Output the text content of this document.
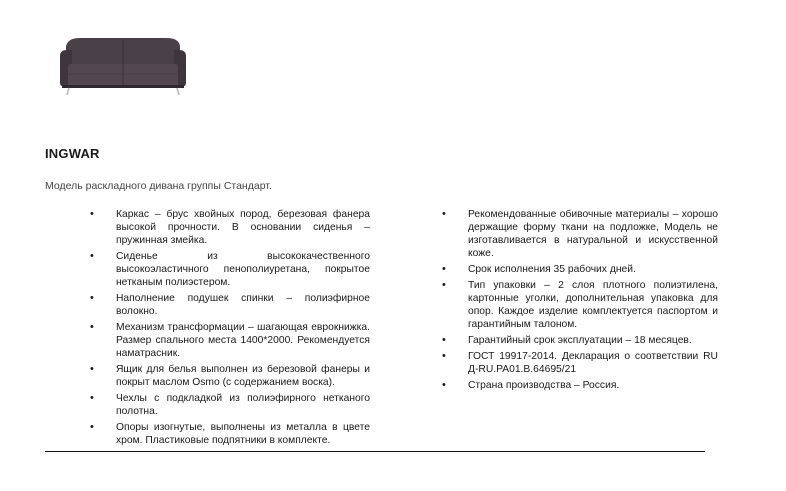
INGWAR
Модель раскладного дивана группы Стандарт.
• Каркас – брус хвойных пород, березовая фанера высокой прочности. В основании сиденья – пружинная змейка.
• Сиденье из высококачественного высокоэластичного пенополиуретана, покрытое нетканым полиэстером.
• Наполнение подушек спинки – полиэфирное волокно.
• Механизм трансформации – шагающая еврокнижка. Размер спального места 1400*2000. Рекомендуется наматрасник.
• Ящик для белья выполнен из березовой фанеры и покрыт маслом Osmo (с содержанием воска).
• Чехлы с подкладкой из полиэфирного нетканого полотна.
• Опоры изогнутые, выполнены из металла в цвете хром. Пластиковые подпятники в комплекте.
• Рекомендованные обивочные материалы – хорошо держащие форму ткани на подложке, Модель не изготавливается в натуральной и искусственной коже.
• Срок исполнения 35 рабочих дней.
• Тип упаковки – 2 слоя плотного полиэтилена, картонные уголки, дополнительная упаковка для опор. Каждое изделие комплектуется паспортом и гарантийным талоном.
• Гарантийный срок эксплуатации – 18 месяцев.
• ГОСТ 19917-2014. Декларация о соответствии RU Д-RU.PA01.B.64695/21
• Страна производства – Россия.
